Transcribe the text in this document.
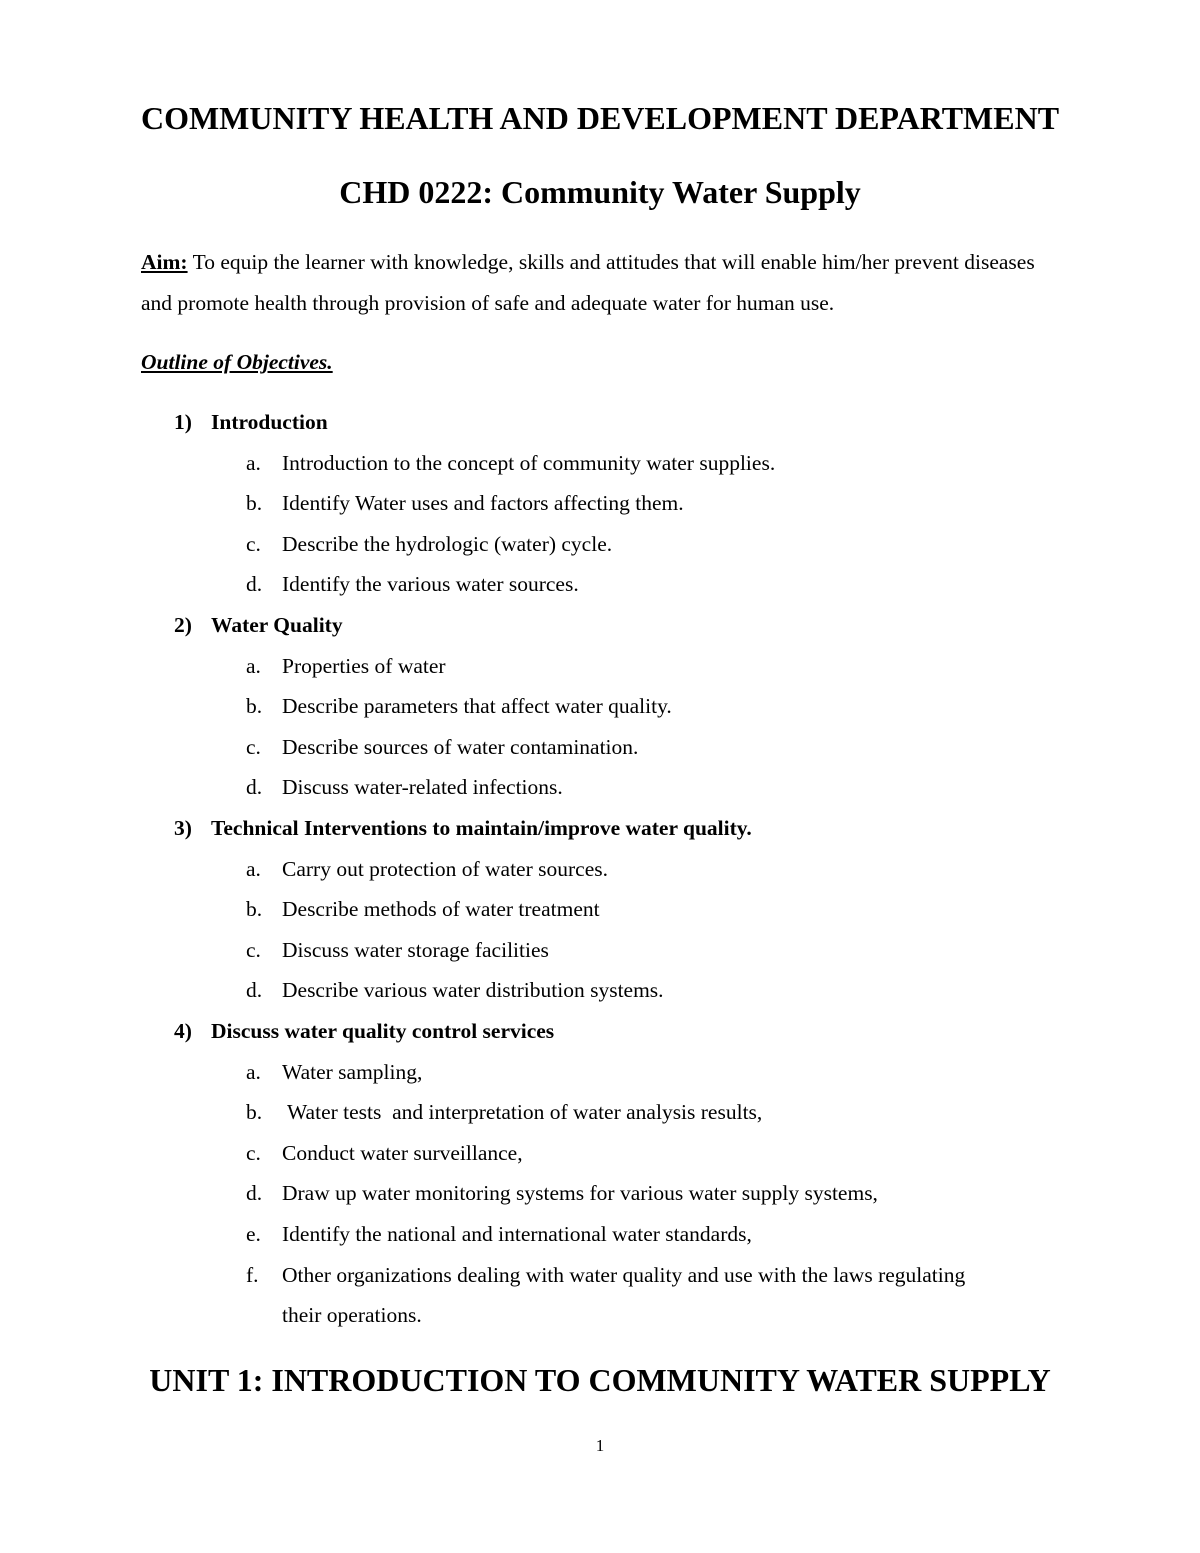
COMMUNITY HEALTH AND DEVELOPMENT DEPARTMENT
CHD 0222: Community Water Supply
Aim: To equip the learner with knowledge, skills and attitudes that will enable him/her prevent diseases and promote health through provision of safe and adequate water for human use.
Outline of Objectives.
1) Introduction
a. Introduction to the concept of community water supplies.
b. Identify Water uses and factors affecting them.
c. Describe the hydrologic (water) cycle.
d. Identify the various water sources.
2) Water Quality
a. Properties of water
b. Describe parameters that affect water quality.
c. Describe sources of water contamination.
d. Discuss water-related infections.
3) Technical Interventions to maintain/improve water quality.
a. Carry out protection of water sources.
b. Describe methods of water treatment
c. Discuss water storage facilities
d. Describe various water distribution systems.
4) Discuss water quality control services
a. Water sampling,
b. Water tests  and interpretation of water analysis results,
c. Conduct water surveillance,
d. Draw up water monitoring systems for various water supply systems,
e. Identify the national and international water standards,
f. Other organizations dealing with water quality and use with the laws regulating
their operations.
UNIT 1: INTRODUCTION TO COMMUNITY WATER SUPPLY
1
